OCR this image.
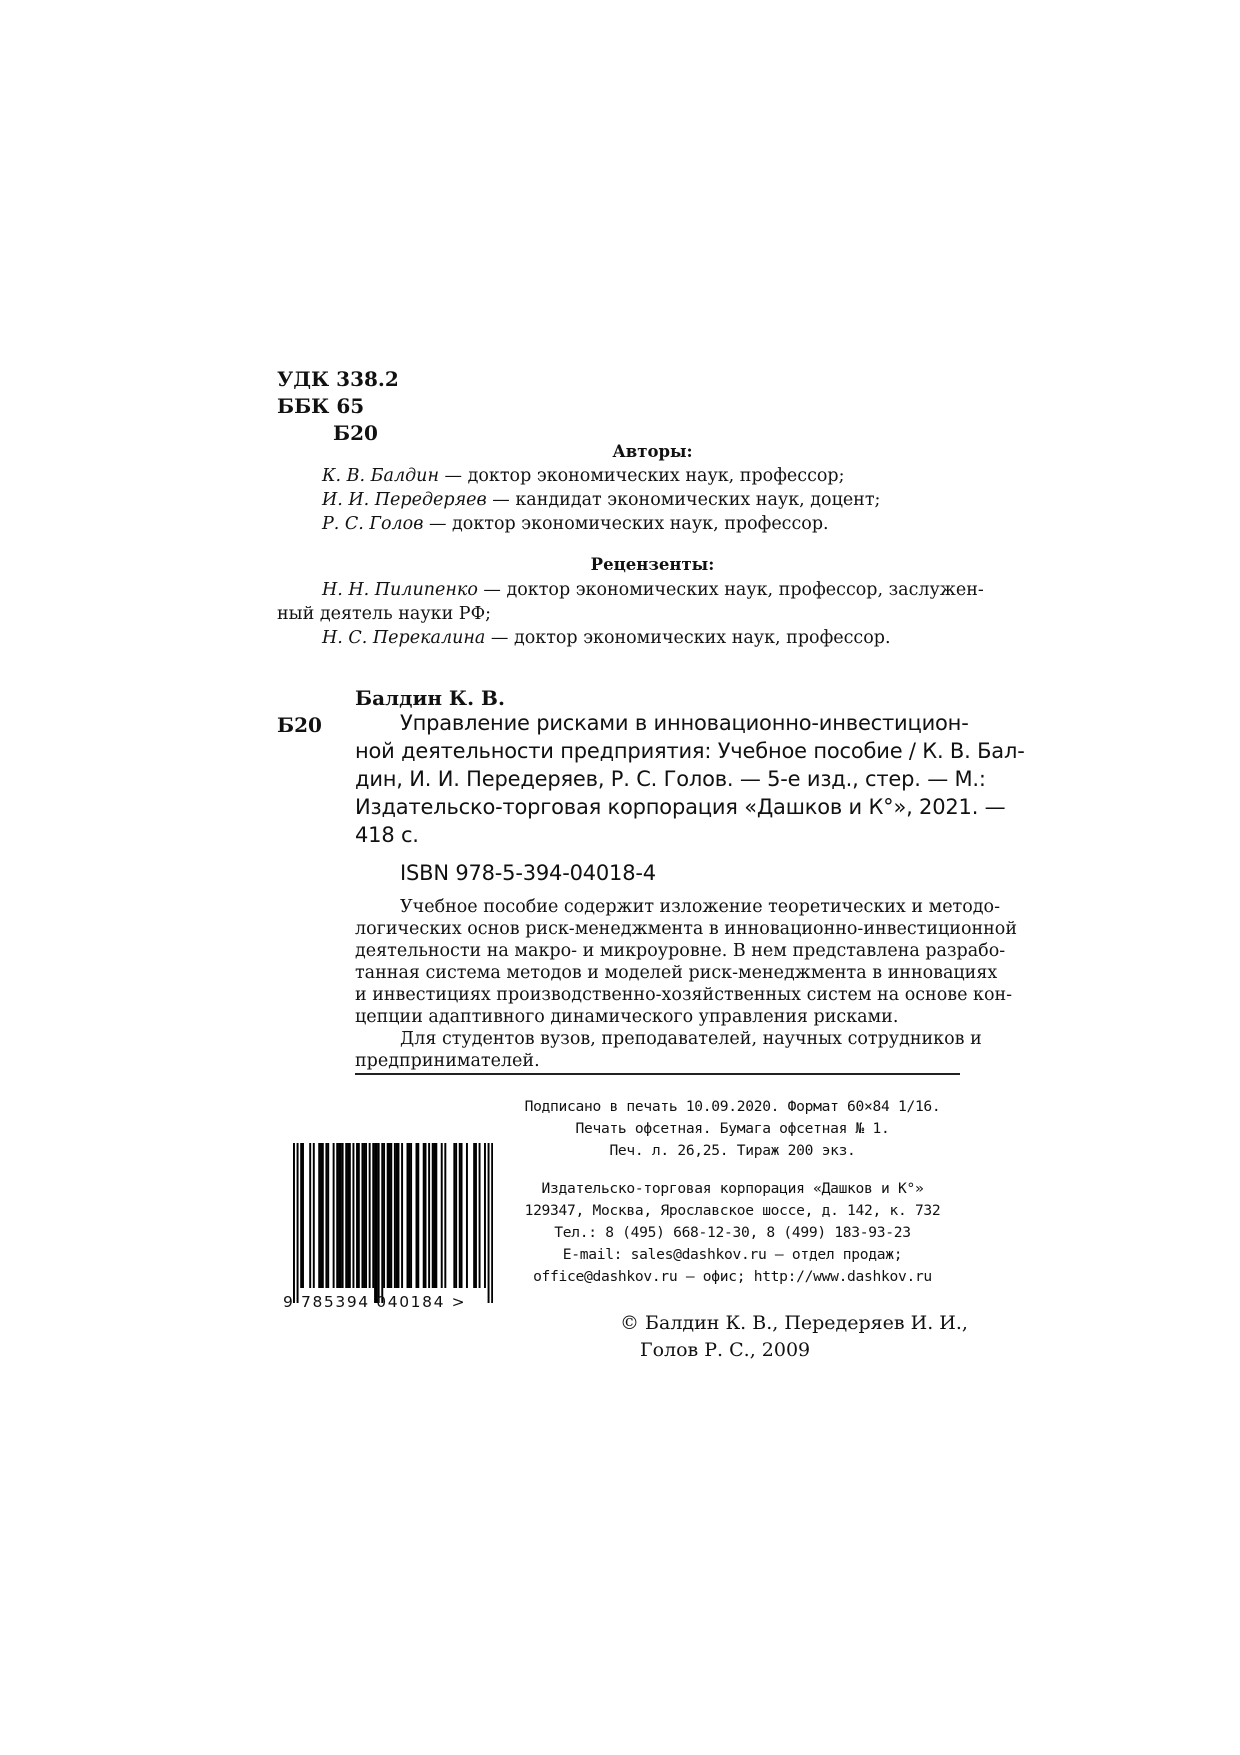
УДК 338.2
ББК 65
Б20
Авторы:
К. В. Балдин — доктор экономических наук, профессор;
И. И. Передеряев — кандидат экономических наук, доцент;
Р. С. Голов — доктор экономических наук, профессор.
Рецензенты:
Н. Н. Пилипенко — доктор экономических наук, профессор, заслужен-
ный деятель науки РФ;
Н. С. Перекалина — доктор экономических наук, профессор.
Балдин К. В.
Б20	Управление рисками в инновационно-инвестицион-
ной деятельности предприятия: Учебное пособие / К. В. Бал-
дин, И. И. Передеряев, Р. С. Голов. — 5-е изд., стер. — М.:
Издательско-торговая корпорация «Дашков и К°», 2021. —
418 с.
ISBN 978-5-394-04018-4
Учебное пособие содержит изложение теоретических и методо-
логических основ риск-менеджмента в инновационно-инвестиционной
деятельности на макро- и микроуровне. В нем представлена разрабо-
танная система методов и моделей риск-менеджмента в инновациях
и инвестициях производственно-хозяйственных систем на основе кон-
цепции адаптивного динамического управления рисками.
Для студентов вузов, преподавателей, научных сотрудников и
предпринимателей.
Подписано в печать 10.09.2020. Формат 60×84 1/16.
Печать офсетная. Бумага офсетная № 1.
Печ. л. 26,25. Тираж 200 экз.
Издательско-торговая корпорация «Дашков и К°»
129347, Москва, Ярославское шоссе, д. 142, к. 732
Тел.: 8 (495) 668-12-30, 8 (499) 183-93-23
E-mail: sales@dashkov.ru — отдел продаж;
office@dashkov.ru — офис; http://www.dashkov.ru
9 785394 040184 >
© Балдин К. В., Передеряев И. И.,
Голов Р. С., 2009
